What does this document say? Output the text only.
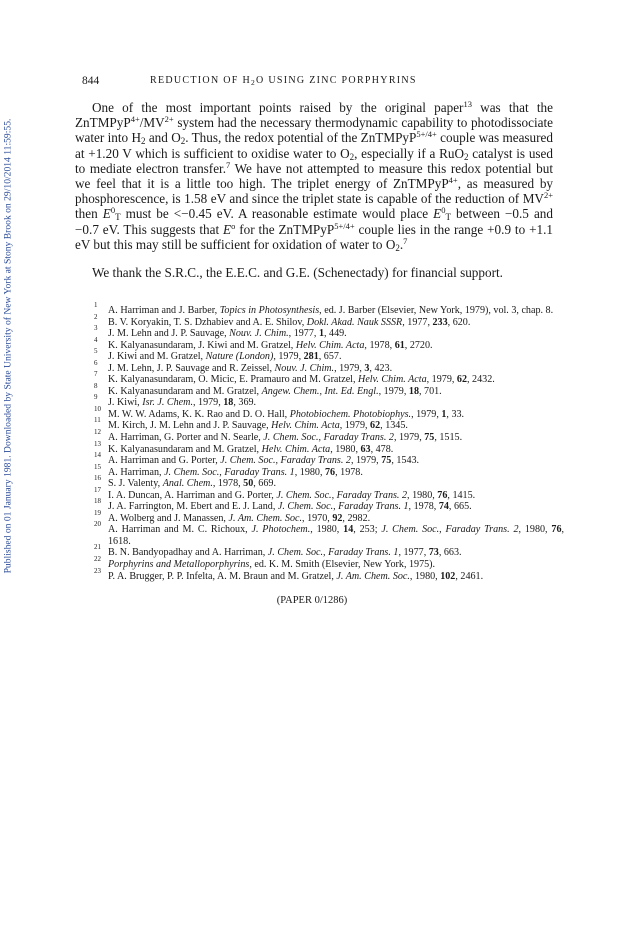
Published on 01 January 1981. Downloaded by State University of New York at Stony Brook on 29/10/2014 11:59:55.
844	REDUCTION OF $H_2O$ USING ZINC PORPHYRINS

One of the most important points raised by the original paper$^{13}$ was that the $ZnTMPyP^{4+}/MV^{2+}$ system had the necessary thermodynamic capability to photodissociate water into $H_2$ and $O_2$. Thus, the redox potential of the ZnTMPyP$^{5+/4+}$ couple was measured at +1.20 V which is sufficient to oxidise water to $O_2$, especially if a RuO$_2$ catalyst is used to mediate electron transfer.$^7$ We have not attempted to measure this redox potential but we feel that it is a little too high. The triplet energy of ZnTMPyP$^{4+}$, as measured by phosphorescence, is 1.58 eV and since the triplet state is capable of the reduction of $MV^{2+}$ then $E^0_T$ must be <−0.45 eV. A reasonable estimate would place $E^0_T$ between −0.5 and −0.7 eV. This suggests that $E^o$ for the ZnTMPyP$^{5+/4+}$ couple lies in the range +0.9 to +1.1 eV but this may still be sufficient for oxidation of water to $O_2.^7$

We thank the S.R.C., the E.E.C. and G.E. (Schenectady) for financial support.

1 A. Harriman and J. Barber, Topics in Photosynthesis, ed. J. Barber (Elsevier, New York, 1979), vol. 3, chap. 8.
2 B. V. Koryakin, T. S. Dzhabiev and A. E. Shilov, Dokl. Akad. Nauk SSSR, 1977, 233, 620.
3 J. M. Lehn and J. P. Sauvage, Nouv. J. Chim., 1977, 1, 449.
4 K. Kalyanasundaram, J. Kiwi and M. Gratzel, Helv. Chim. Acta, 1978, 61, 2720.
5 J. Kiwi and M. Gratzel, Nature (London), 1979, 281, 657.
6 J. M. Lehn, J. P. Sauvage and R. Zeissel, Nouv. J. Chim., 1979, 3, 423.
7 K. Kalyanasundaram, O. Micic, E. Pramauro and M. Gratzel, Helv. Chim. Acta, 1979, 62, 2432.
8 K. Kalyanasundaram and M. Gratzel, Angew. Chem., Int. Ed. Engl., 1979, 18, 701.
9 J. Kiwi, Isr. J. Chem., 1979, 18, 369.
10 M. W. W. Adams, K. K. Rao and D. O. Hall, Photobiochem. Photobiophys., 1979, 1, 33.
11 M. Kirch, J. M. Lehn and J. P. Sauvage, Helv. Chim. Acta, 1979, 62, 1345.
12 A. Harriman, G. Porter and N. Searle, J. Chem. Soc., Faraday Trans. 2, 1979, 75, 1515.
13 K. Kalyanasundaram and M. Gratzel, Helv. Chim. Acta, 1980, 63, 478.
14 A. Harriman and G. Porter, J. Chem. Soc., Faraday Trans. 2, 1979, 75, 1543.
15 A. Harriman, J. Chem. Soc., Faraday Trans. 1, 1980, 76, 1978.
16 S. J. Valenty, Anal. Chem., 1978, 50, 669.
17 I. A. Duncan, A. Harriman and G. Porter, J. Chem. Soc., Faraday Trans. 2, 1980, 76, 1415.
18 J. A. Farrington, M. Ebert and E. J. Land, J. Chem. Soc., Faraday Trans. 1, 1978, 74, 665.
19 A. Wolberg and J. Manassen, J. Am. Chem. Soc., 1970, 92, 2982.
20 A. Harriman and M. C. Richoux, J. Photochem., 1980, 14, 253; J. Chem. Soc., Faraday Trans. 2, 1980, 76, 1618.
21 B. N. Bandyopadhay and A. Harriman, J. Chem. Soc., Faraday Trans. 1, 1977, 73, 663.
22 Porphyrins and Metalloporphyrins, ed. K. M. Smith (Elsevier, New York, 1975).
23 P. A. Brugger, P. P. Infelta, A. M. Braun and M. Gratzel, J. Am. Chem. Soc., 1980, 102, 2461.
(PAPER 0/1286)
